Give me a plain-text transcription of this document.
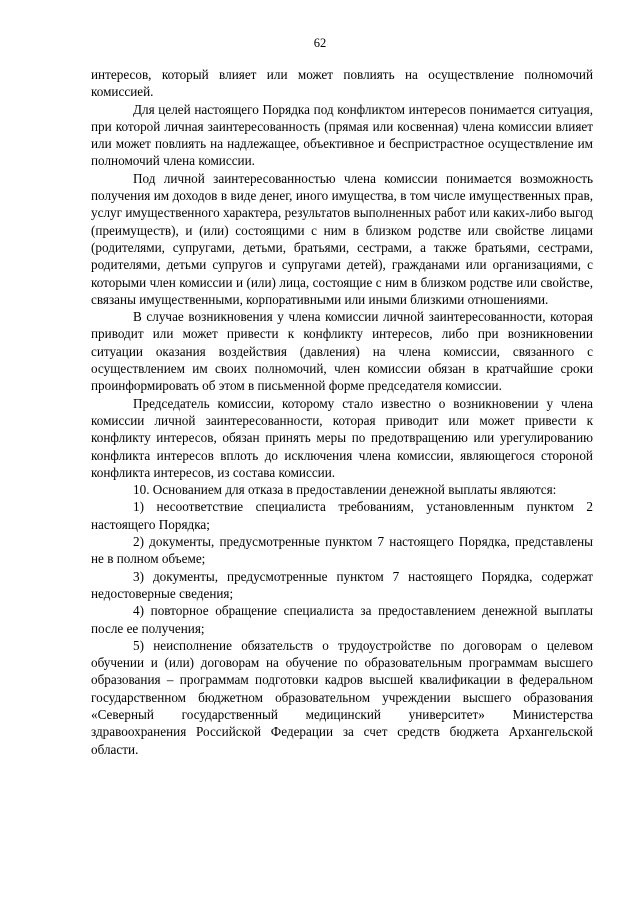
62

интересов, который влияет или может повлиять на осуществление полномочий комиссией.

Для целей настоящего Порядка под конфликтом интересов понимается ситуация, при которой личная заинтересованность (прямая или косвенная) члена комиссии влияет или может повлиять на надлежащее, объективное и беспристрастное осуществление им полномочий члена комиссии.

Под личной заинтересованностью члена комиссии понимается возможность получения им доходов в виде денег, иного имущества, в том числе имущественных прав, услуг имущественного характера, результатов выполненных работ или каких-либо выгод (преимуществ), и (или) состоящими с ним в близком родстве или свойстве лицами (родителями, супругами, детьми, братьями, сестрами, а также братьями, сестрами, родителями, детьми супругов и супругами детей), гражданами или организациями, с которыми член комиссии и (или) лица, состоящие с ним в близком родстве или свойстве, связаны имущественными, корпоративными или иными близкими отношениями.

В случае возникновения у члена комиссии личной заинтересованности, которая приводит или может привести к конфликту интересов, либо при возникновении ситуации оказания воздействия (давления) на члена комиссии, связанного с осуществлением им своих полномочий, член комиссии обязан в кратчайшие сроки проинформировать об этом в письменной форме председателя комиссии.

Председатель комиссии, которому стало известно о возникновении у члена комиссии личной заинтересованности, которая приводит или может привести к конфликту интересов, обязан принять меры по предотвращению или урегулированию конфликта интересов вплоть до исключения члена комиссии, являющегося стороной конфликта интересов, из состава комиссии.

10. Основанием для отказа в предоставлении денежной выплаты являются:

1) несоответствие специалиста требованиям, установленным пунктом 2 настоящего Порядка;

2) документы, предусмотренные пунктом 7 настоящего Порядка, представлены не в полном объеме;

3) документы, предусмотренные пунктом 7 настоящего Порядка, содержат недостоверные сведения;

4) повторное обращение специалиста за предоставлением денежной выплаты после ее получения;

5) неисполнение обязательств о трудоустройстве по договорам о целевом обучении и (или) договорам на обучение по образовательным программам высшего образования – программам подготовки кадров высшей квалификации в федеральном государственном бюджетном образовательном учреждении высшего образования «Северный государственный медицинский университет» Министерства здравоохранения Российской Федерации за счет средств бюджета Архангельской области.
